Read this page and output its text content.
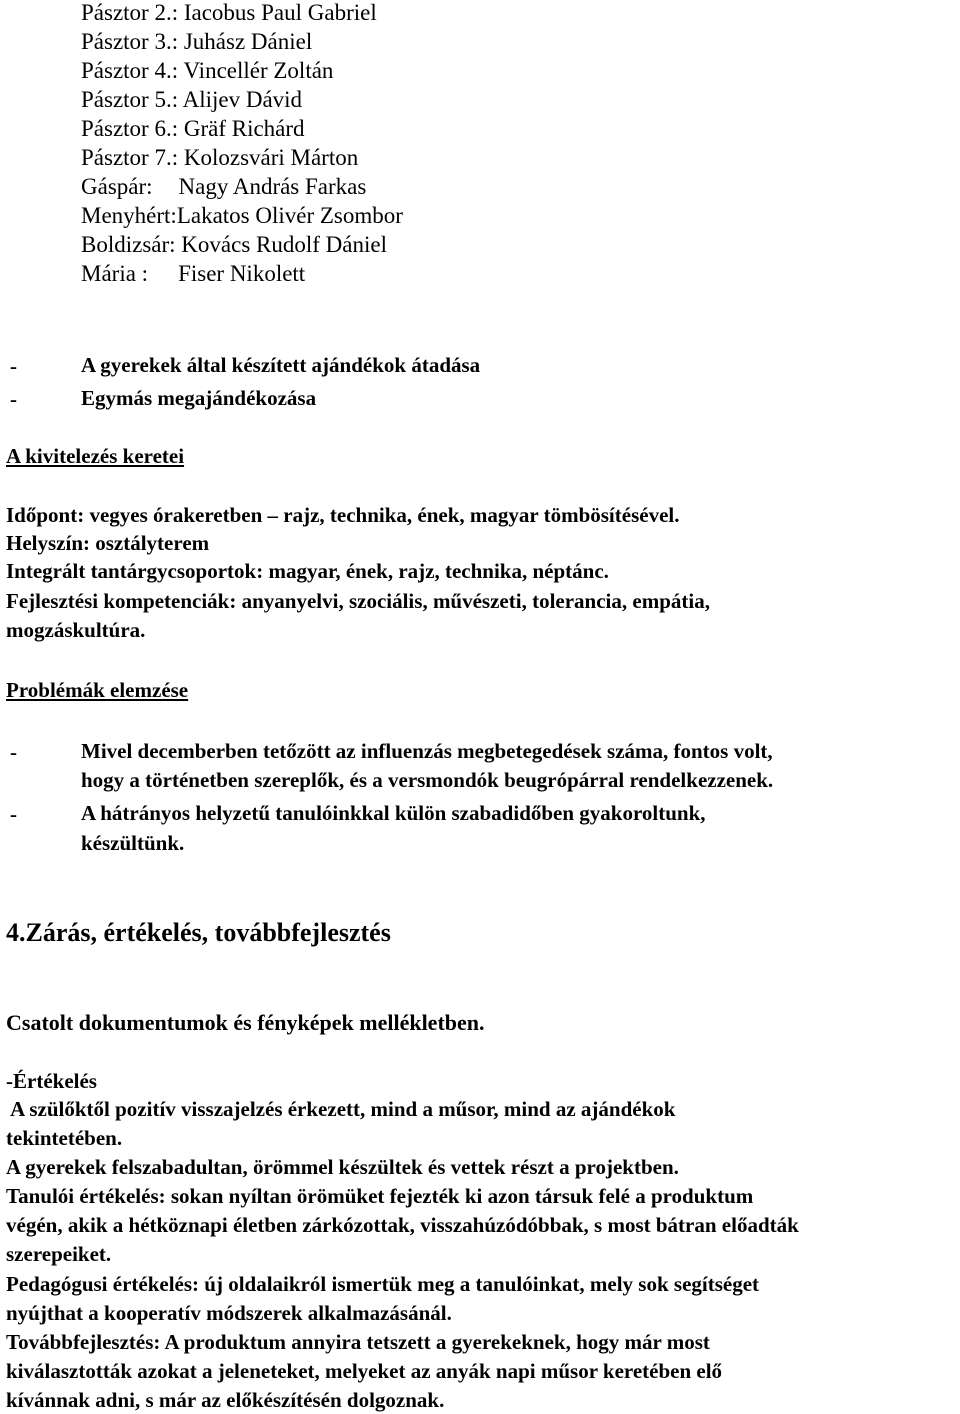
Pásztor 2.: Iacobus Paul Gabriel
Pásztor 3.: Juhász Dániel
Pásztor 4.: Vincellér Zoltán
Pásztor 5.: Alijev Dávid
Pásztor 6.: Gräf Richárd
Pásztor 7.: Kolozsvári Márton
Gáspár: Nagy András Farkas
Menyhért:Lakatos Olivér Zsombor
Boldizsár: Kovács Rudolf Dániel
Mária : Fiser Nikolett
-	A gyerekek által készített ajándékok átadása
-	Egymás megajándékozása
A kivitelezés keretei
Időpont: vegyes órakeretben – rajz, technika, ének, magyar tömbösítésével.
Helyszín: osztályterem
Integrált tantárgycsoportok: magyar, ének, rajz, technika, néptánc.
Fejlesztési kompetenciák: anyanyelvi, szociális, művészeti, tolerancia, empátia,
mogzáskultúra.
Problémák elemzése
-	Mivel decemberben tetőzött az influenzás megbetegedések száma, fontos volt,
hogy a történetben szereplők, és a versmondók beugrópárral rendelkezzenek.
-	A hátrányos helyzetű tanulóinkkal külön szabadidőben gyakoroltunk,
készültünk.
4.Zárás, értékelés, továbbfejlesztés
Csatolt dokumentumok és fényképek mellékletben.
-Értékelés
A szülőktől pozitív visszajelzés érkezett, mind a műsor, mind az ajándékok
tekintetében.
A gyerekek felszabadultan, örömmel készültek és vettek részt a projektben.
Tanulói értékelés: sokan nyíltan örömüket fejezték ki azon társuk felé a produktum
végén, akik a hétköznapi életben zárkózottak, visszahúzódóbbak, s most bátran előadták
szerepeiket.
Pedagógusi értékelés: új oldalaikról ismertük meg a tanulóinkat, mely sok segítséget
nyújthat a kooperatív módszerek alkalmazásánál.
Továbbfejlesztés: A produktum annyira tetszett a gyerekeknek, hogy már most
kiválasztották azokat a jeleneteket, melyeket az anyák napi műsor keretében elő
kívánnak adni, s már az előkészítésén dolgoznak.
